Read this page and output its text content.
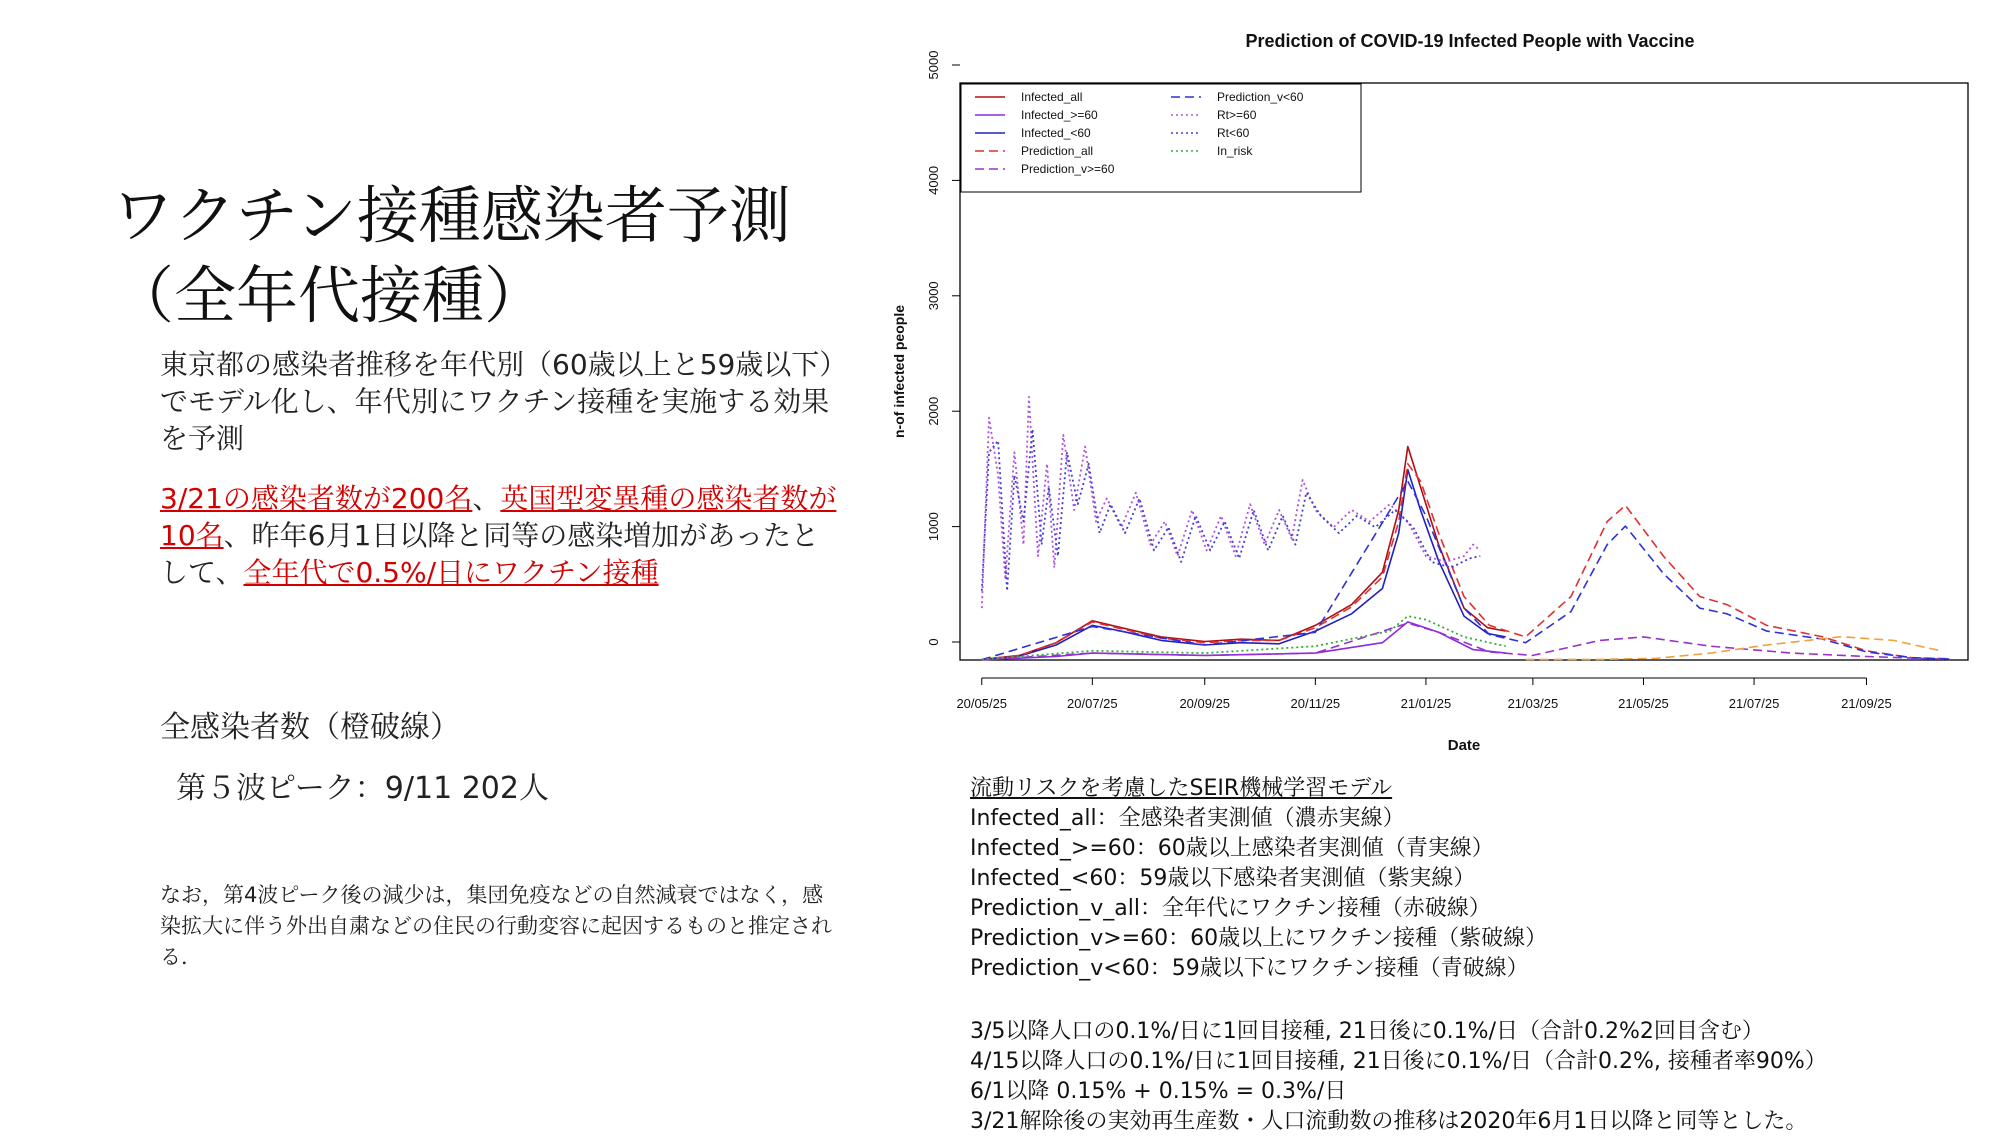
ワクチン接種感染者予測
（全年代接種）
東京都の感染者推移を年代別（60歳以上と59歳以下）でモデル化し、年代別にワクチン接種を実施する効果を予測
3/21の感染者数が200名、英国型変異種の感染者数が10名、昨年6月1日以降と同等の感染増加があったとして、全年代で0.5%/日にワクチン接種
全感染者数（橙破線）
第５波ピーク：9/11 202人
なお，第4波ピーク後の減少は，集団免疫などの自然減衰ではなく，感染拡大に伴う外出自粛などの住民の行動変容に起因するものと推定される．
流動リスクを考慮したSEIR機械学習モデル
Infected_all：全感染者実測値（濃赤実線）
Infected_>=60：60歳以上感染者実測値（青実線）
Infected_<60：59歳以下感染者実測値（紫実線）
Prediction_v_all：全年代にワクチン接種（赤破線）
Prediction_v>=60：60歳以上にワクチン接種（紫破線）
Prediction_v<60：59歳以下にワクチン接種（青破線）
3/5以降人口の0.1%/日に1回目接種, 21日後に0.1%/日（合計0.2%2回目含む）
4/15以降人口の0.1%/日に1回目接種, 21日後に0.1%/日（合計0.2%, 接種者率90%）
6/1以降 0.15% + 0.15% = 0.3%/日
3/21解除後の実効再生産数・人口流動数の推移は2020年6月1日以降と同等とした。
Prediction of COVID-19 Infected People with Vaccine
0
1000
2000
3000
4000
5000
20/05/25	20/07/25	20/09/25	20/11/25	21/01/25	21/03/25	21/05/25	21/07/25	21/09/25
Infected_all
Infected_>=60
Infected_<60
Prediction_all
Prediction_v>=60
Prediction_v<60
Rt>=60
Rt<60
In_risk
Date
n-of infected people
